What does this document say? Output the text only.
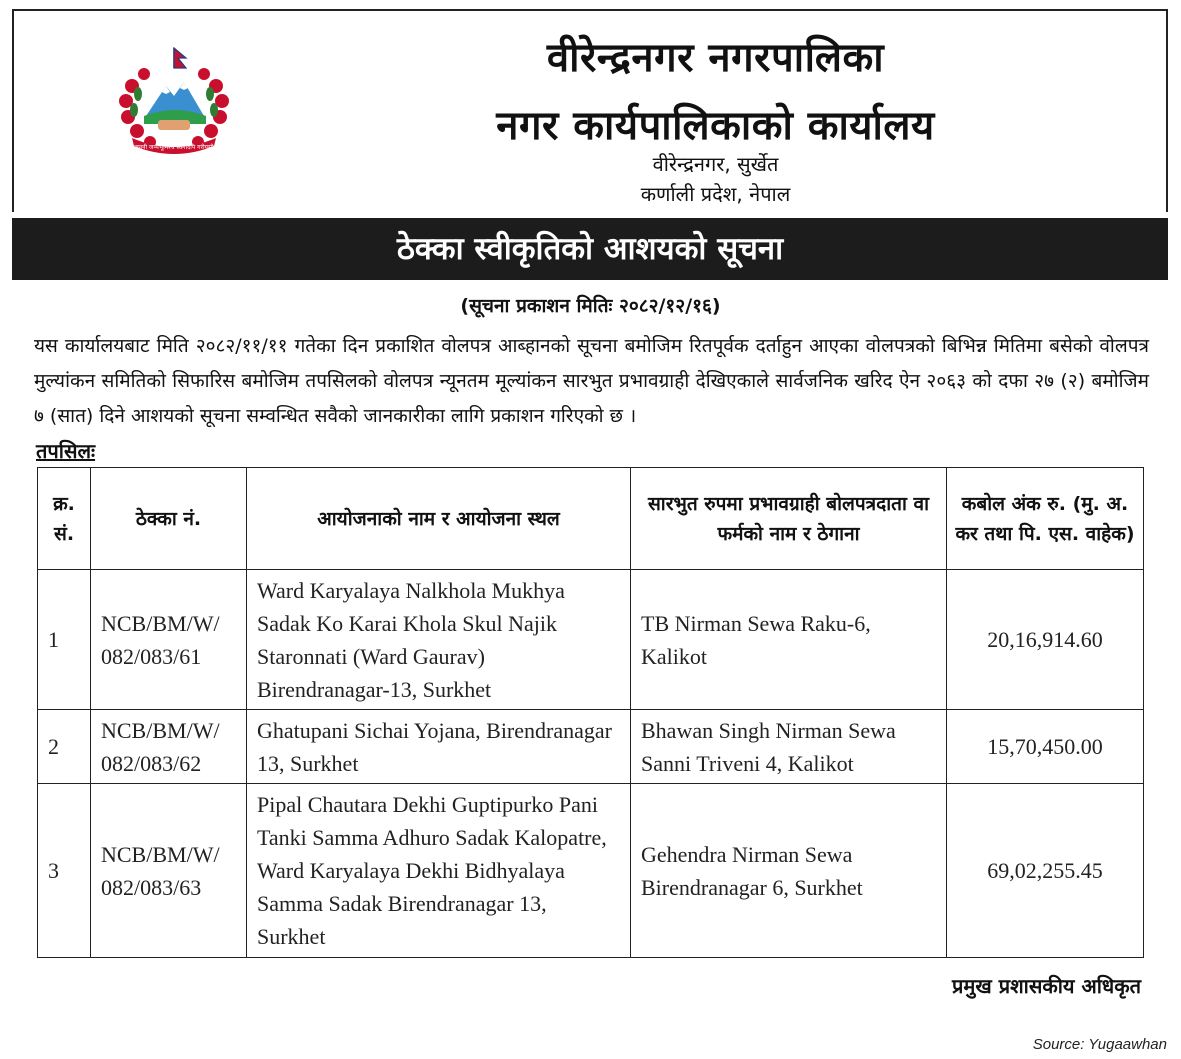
जननी जन्मभूमिश्च स्वर्गादपि गरीयसी
वीरेन्द्रनगर नगरपालिका
नगर कार्यपालिकाको कार्यालय
वीरेन्द्रनगर, सुर्खेत
कर्णाली प्रदेश, नेपाल
ठेक्का स्वीकृतिको आशयको सूचना
(सूचना प्रकाशन मितिः २०८२/१२/१६)
यस कार्यालयबाट मिति २०८२/११/११ गतेका दिन प्रकाशित वोलपत्र आब्हानको सूचना बमोजिम रितपूर्वक दर्ताहुन आएका वोलपत्रको बिभिन्न मितिमा बसेको वोलपत्र मुल्यांकन समितिको सिफारिस बमोजिम तपसिलको वोलपत्र न्यूनतम मूल्यांकन सारभुत प्रभावग्राही देखिएकाले सार्वजनिक खरिद ऐन २०६३ को दफा २७ (२) बमोजिम ७ (सात) दिने आशयको सूचना सम्वन्धित सवैको जानकारीका लागि प्रकाशन गरिएको छ ।
तपसिलः
क्र. सं.	ठेक्का नं.	आयोजनाको नाम र आयोजना स्थल	सारभुत रुपमा प्रभावग्राही बोलपत्रदाता वा फर्मको नाम र ठेगाना	कबोल अंक रु. (मु. अ. कर तथा पि. एस. वाहेक)
1	NCB/BM/W/ 082/083/61	Ward Karyalaya Nalkhola Mukhya Sadak Ko Karai Khola Skul Najik Staronnati (Ward Gaurav) Birendranagar-13, Surkhet	TB Nirman Sewa Raku-6, Kalikot	20,16,914.60
2	NCB/BM/W/ 082/083/62	Ghatupani Sichai Yojana, Birendranagar 13, Surkhet	Bhawan Singh Nirman Sewa Sanni Triveni 4, Kalikot	15,70,450.00
3	NCB/BM/W/ 082/083/63	Pipal Chautara Dekhi Guptipurko Pani Tanki Samma Adhuro Sadak Kalopatre, Ward Karyalaya Dekhi Bidhyalaya Samma Sadak Birendranagar 13, Surkhet	Gehendra Nirman Sewa Birendranagar 6, Surkhet	69,02,255.45
प्रमुख प्रशासकीय अधिकृत
Source: Yugaawhan
